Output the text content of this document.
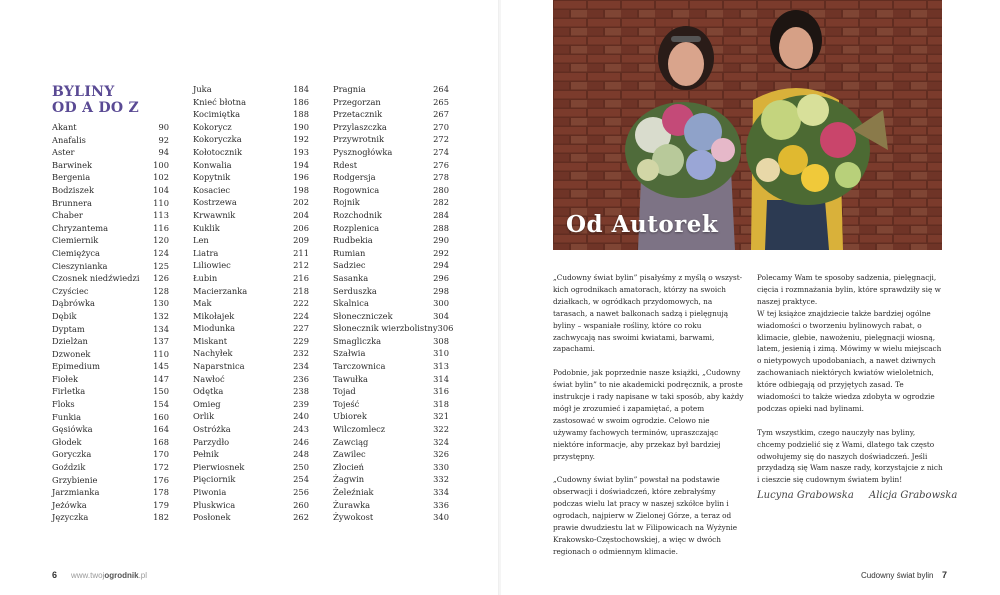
BYLINY
OD A DO Z
Akant	90
Anafalis	92
Aster	94
Barwinek	100
Bergenia	102
Bodziszek	104
Brunnera	110
Chaber	113
Chryzantema	116
Ciemiernik	120
Ciemiężyca	124
Cieszynianka	125
Czosnek niedźwiedzi 126
Czyściec	128
Dąbrówka	130
Dębik	132
Dyptam	134
Dzielżan	137
Dzwonek	110
Epimedium	145
Fiołek	147
Firletka	150
Floks	154
Funkia	160
Gęsiówka	164
Głodek	168
Goryczka	170
Goździk	172
Grzybienie	176
Jarzmianka	178
Jeżówka	179
Języczka	182
Juka	184
Knieć błotna	186
Kocimiętka	188
Kokorycz	190
Kokoryczka	192
Kołotocznik	193
Konwalia	194
Kopytnik	196
Kosaciec	198
Kostrzewa	202
Krwawnik	204
Kuklik	206
Len	209
Liatra	211
Liliowiec	212
Łubin	216
Macierzanka	218
Mak	222
Mikołajek	224
Miodunka	227
Miskant	229
Nachyłek	232
Naparstnica	234
Nawłoć	236
Odętka	238
Omieg	239
Orlik	240
Ostróżka	243
Parzydło	246
Pełnik	248
Pierwiosnek	250
Pięciornik	254
Piwonia	256
Pluskwica	260
Posłonek	262
Pragnia	264
Przegorzan	265
Przetacznik	267
Przylaszczka	270
Przywrotnik	272
Pysznogłówka	274
Rdest	276
Rodgersja	278
Rogownica	280
Rojnik	282
Rozchodnik	284
Rozplenica	288
Rudbekia	290
Rumian	292
Sadziec	294
Sasanka	296
Serduszka	298
Skalnica	300
Słoneczniczek	304
Słonecznik wierzbolistny 306
Smagliczka	308
Szałwia	310
Tarczownica	313
Tawułka	314
Tojad	316
Tojeść	318
Ubiorek	321
Wilczomlecz	322
Zawciąg	324
Zawilec	326
Złocień	330
Żagwin	332
Żeleźniak	334
Żurawka	336
Żywokost	340
6 www.twojogrodnik.pl
Od Autorek

„Cudowny świat bylin” pisałyśmy z myślą o wszystkich ogrodnikach amatorach, którzy na swoich działkach, w ogródkach przydomowych, na tarasach, a nawet balkonach sadzą i pielęgnują byliny – wspaniałe rośliny, które co roku zachwycają nas swoimi kwiatami, barwami, zapachami.

Podobnie, jak poprzednie nasze książki, „Cudowny świat bylin” to nie akademicki podręcznik, a proste instrukcje i rady napisane w taki sposób, aby każdy mógł je zrozumieć i zapamiętać, a potem zastosować w swoim ogrodzie. Celowo nie używamy fachowych terminów, upraszczając niektóre informacje, aby przekaz był bardziej przystępny.

„Cudowny świat bylin” powstał na podstawie obserwacji i doświadczeń, które zebrałyśmy podczas wielu lat pracy w naszej szkółce bylin i ogrodach, najpierw w Zielonej Górze, a teraz od prawie dwudziestu lat w Filipowicach na Wyżynie Krakowsko-Częstochowskiej, a więc w dwóch regionach o odmiennym klimacie.

Polecamy Wam te sposoby sadzenia, pielęgnacji, cięcia i rozmnażania bylin, które sprawdziły się w naszej praktyce.

W tej książce znajdziecie także bardziej ogólne wiadomości o tworzeniu bylinowych rabat, o klimacie, glebie, nawożeniu, pielęgnacji wiosną, latem, jesienią i zimą. Mówimy w wielu miejscach o nietypowych upodobaniach, a nawet dziwnych zachowaniach niektórych kwiatów wieloletnich, które odbiegają od przyjętych zasad. Te wiadomości to także wiedza zdobyta w ogrodzie podczas opieki nad bylinami.

Tym wszystkim, czego nauczyły nas byliny, chcemy podzielić się z Wami, dlatego tak często odwołujemy się do naszych doświadczeń. Jeśli przydadzą się Wam nasze rady, korzystajcie z nich i cieszcie się cudownym światem bylin!

Lucyna Grabowska Alicja Grabowska
Cudowny świat bylin 7
